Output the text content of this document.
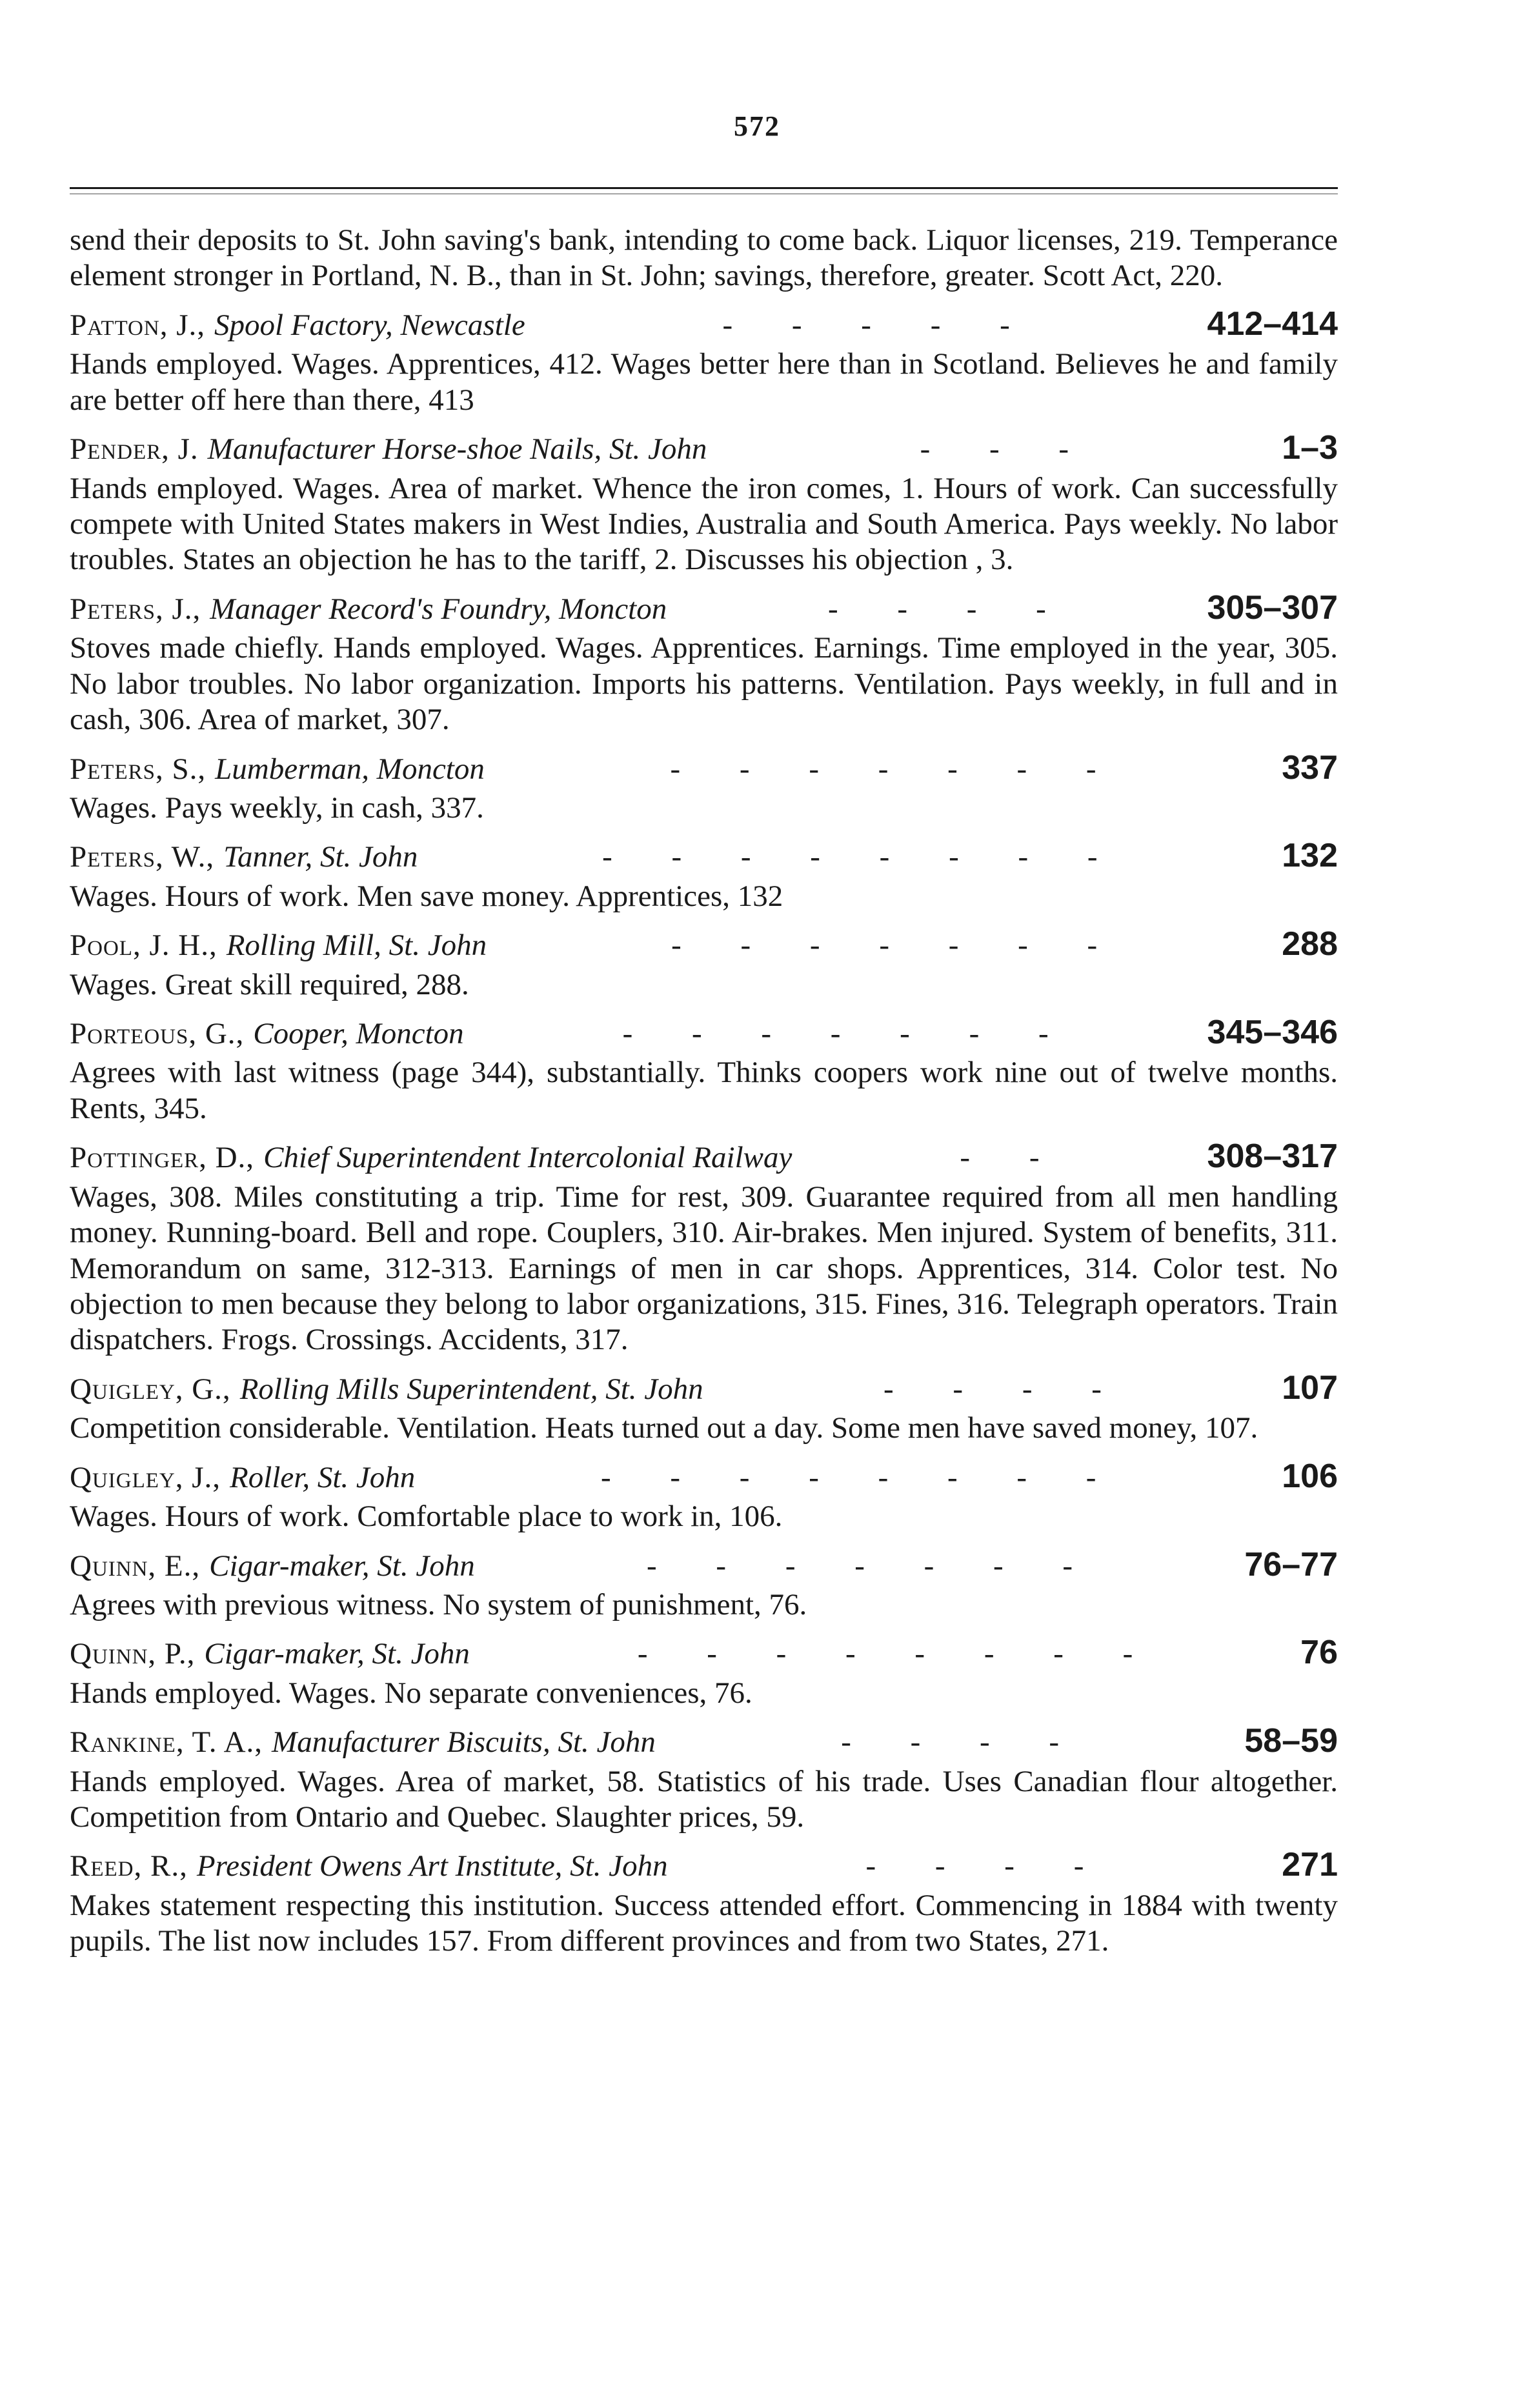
572

send their deposits to St. John saving's bank, intending to come back. Liquor licenses, 219. Temperance element stronger in Portland, N. B., than in St. John; savings, therefore, greater. Scott Act, 220.

Patton, J., Spool Factory, Newcastle	- - - - -	412–414
Hands employed. Wages. Apprentices, 412. Wages better here than in Scotland. Believes he and family are better off here than there, 413
Pender, J. Manufacturer Horse-shoe Nails, St. John	- - -	1–3
Hands employed. Wages. Area of market. Whence the iron comes, 1. Hours of work. Can successfully compete with United States makers in West Indies, Australia and South America. Pays weekly. No labor troubles. States an objection he has to the tariff, 2. Discusses his objection , 3.
Peters, J., Manager Record's Foundry, Moncton	- - - -	305–307
Stoves made chiefly. Hands employed. Wages. Apprentices. Earnings. Time employed in the year, 305. No labor troubles. No labor organization. Imports his patterns. Ventilation. Pays weekly, in full and in cash, 306. Area of market, 307.
Peters, S., Lumberman, Moncton	- - - - - - -	337
Wages. Pays weekly, in cash, 337.
Peters, W., Tanner, St. John	- - - - - - - -	132
Wages. Hours of work. Men save money. Apprentices, 132
Pool, J. H., Rolling Mill, St. John	- - - - - - -	288
Wages. Great skill required, 288.
Porteous, G., Cooper, Moncton	- - - - - - -	345–346
Agrees with last witness (page 344), substantially. Thinks coopers work nine out of twelve months. Rents, 345.
Pottinger, D., Chief Superintendent Intercolonial Railway	- -	308–317
Wages, 308. Miles constituting a trip. Time for rest, 309. Guarantee required from all men handling money. Running-board. Bell and rope. Couplers, 310. Air-brakes. Men injured. System of benefits, 311. Memorandum on same, 312-313. Earnings of men in car shops. Apprentices, 314. Color test. No objection to men because they belong to labor organizations, 315. Fines, 316. Telegraph operators. Train dispatchers. Frogs. Crossings. Accidents, 317.
Quigley, G., Rolling Mills Superintendent, St. John	- - - -	107
Competition considerable. Ventilation. Heats turned out a day. Some men have saved money, 107.
Quigley, J., Roller, St. John	- - - - - - - -	106
Wages. Hours of work. Comfortable place to work in, 106.
Quinn, E., Cigar-maker, St. John	- - - - - - -	76–77
Agrees with previous witness. No system of punishment, 76.
Quinn, P., Cigar-maker, St. John	- - - - - - - -	76
Hands employed. Wages. No separate conveniences, 76.
Rankine, T. A., Manufacturer Biscuits, St. John	- - - -	58–59
Hands employed. Wages. Area of market, 58. Statistics of his trade. Uses Canadian flour altogether. Competition from Ontario and Quebec. Slaughter prices, 59.
Reed, R., President Owens Art Institute, St. John	- - - -	271
Makes statement respecting this institution. Success attended effort. Commencing in 1884 with twenty pupils. The list now includes 157. From different provinces and from two States, 271.
